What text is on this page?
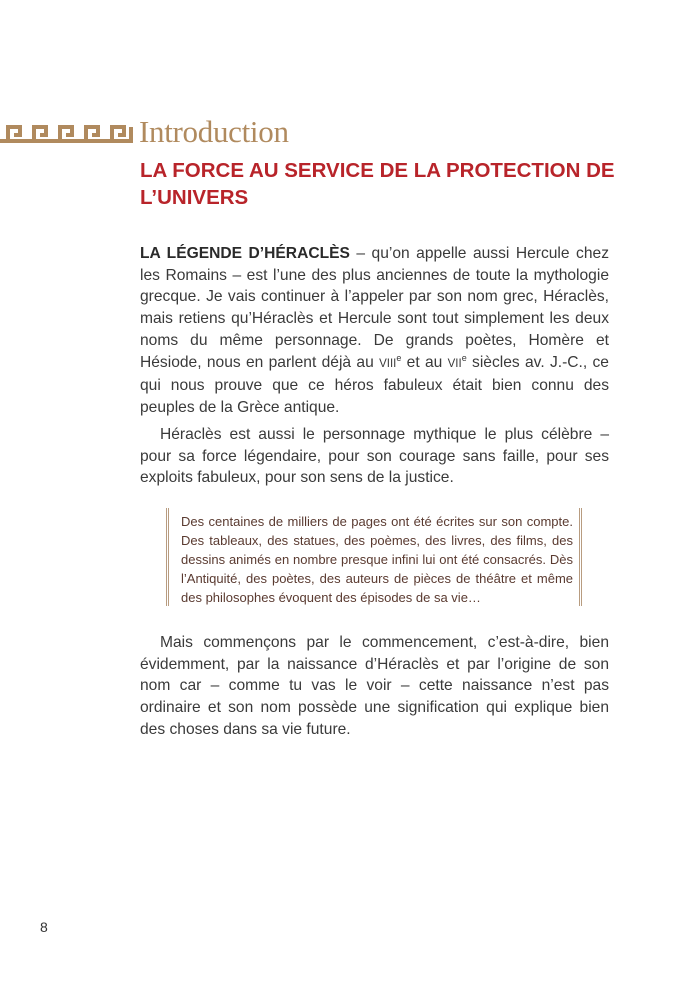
Introduction
LA FORCE AU SERVICE DE LA PROTECTION DE L’UNIVERS

LA LÉGENDE D’HÉRACLÈS – qu’on appelle aussi Hercule chez les Romains – est l’une des plus anciennes de toute la mythologie grecque. Je vais continuer à l’appeler par son nom grec, Héraclès, mais retiens qu’Héraclès et Hercule sont tout simplement les deux noms du même personnage. De grands poètes, Homère et Hésiode, nous en parlent déjà au VIIIe et au VIIe siècles av. J.-C., ce qui nous prouve que ce héros fabuleux était bien connu des peuples de la Grèce antique.

Héraclès est aussi le personnage mythique le plus célèbre – pour sa force légendaire, pour son courage sans faille, pour ses exploits fabuleux, pour son sens de la justice.

Des centaines de milliers de pages ont été écrites sur son compte. Des tableaux, des statues, des poèmes, des livres, des films, des dessins animés en nombre presque infini lui ont été consacrés. Dès l’Antiquité, des poètes, des auteurs de pièces de théâtre et même des philosophes évoquent des épisodes de sa vie…

Mais commençons par le commencement, c’est-à-dire, bien évidemment, par la naissance d’Héraclès et par l’origine de son nom car – comme tu vas le voir – cette naissance n’est pas ordinaire et son nom possède une signification qui explique bien des choses dans sa vie future.

8
